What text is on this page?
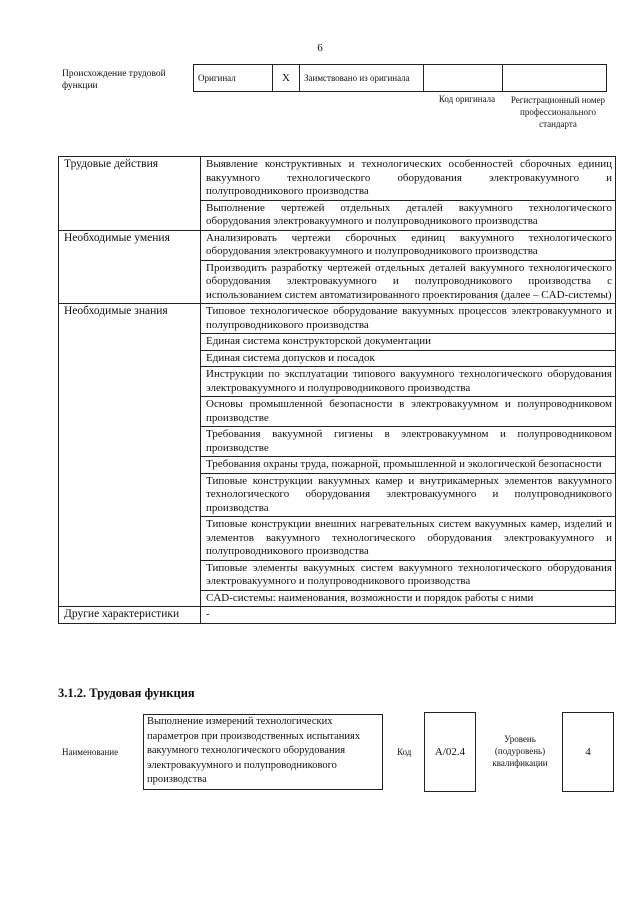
6
Происхождение трудовой функции
Оригинал	X	Заимствовано из оригинала		
Код оригинала	Регистрационный номер профессионального стандарта
Трудовые действия	Выявление конструктивных и технологических особенностей сборочных единиц вакуумного технологического оборудования электровакуумного и полупроводникового производства
	Выполнение чертежей отдельных деталей вакуумного технологического оборудования электровакуумного и полупроводникового производства
Необходимые умения	Анализировать чертежи сборочных единиц вакуумного технологического оборудования электровакуумного и полупроводникового производства
	Производить разработку чертежей отдельных деталей вакуумного технологического оборудования электровакуумного и полупроводникового производства с использованием систем автоматизированного проектирования (далее – CAD-системы)
Необходимые знания	Типовое технологическое оборудование вакуумных процессов электровакуумного и полупроводникового производства
	Единая система конструкторской документации
	Единая система допусков и посадок
	Инструкции по эксплуатации типового вакуумного технологического оборудования электровакуумного и полупроводникового производства
	Основы промышленной безопасности в электровакуумном и полупроводниковом производстве
	Требования вакуумной гигиены в электровакуумном и полупроводниковом производстве
	Требования охраны труда, пожарной, промышленной и экологической безопасности
	Типовые конструкции вакуумных камер и внутрикамерных элементов вакуумного технологического оборудования электровакуумного и полупроводникового производства
	Типовые конструкции внешних нагревательных систем вакуумных камер, изделий и элементов вакуумного технологического оборудования электровакуумного и полупроводникового производства
	Типовые элементы вакуумных систем вакуумного технологического оборудования электровакуумного и полупроводникового производства
	CAD-системы: наименования, возможности и порядок работы с ними
Другие характеристики	-
3.1.2. Трудовая функция
Наименование
Выполнение измерений технологических параметров при производственных испытаниях вакуумного технологического оборудования электровакуумного и полупроводникового производства
Код	А/02.4
Уровень (подуровень) квалификации
4
